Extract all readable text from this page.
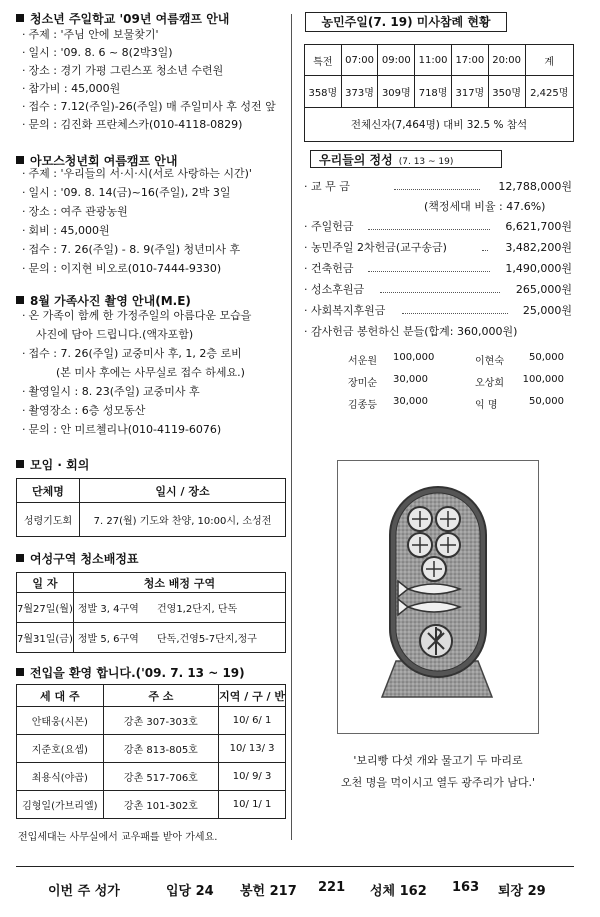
청소년 주일학교 '09년 여름캠프 안내
· 주제 : '주님 안에 보물찾기'
· 일시 : '09. 8. 6 ~ 8(2박3일)
· 장소 : 경기 가평 그린스포 청소년 수련원
· 참가비 : 45,000원
· 접수 : 7.12(주일)-26(주일) 매 주일미사 후 성전 앞
· 문의 : 김진화 프란체스카(010-4118-0829)
아모스청년회 여름캠프 안내
· 주제 : '우리들의 서·시·시(서로 사랑하는 시간)'
· 일시 : '09. 8. 14(금)~16(주일), 2박 3일
· 장소 : 여주 관광농원
· 회비 : 45,000원
· 접수 : 7. 26(주일) - 8. 9(주일) 청년미사 후
· 문의 : 이지현 비오로(010-7444-9330)
8월 가족사진 촬영 안내(M.E)
· 온 가족이 함께 한 가정주일의 아름다운 모습을
사진에 담아 드립니다.(액자포함)
· 접수 : 7. 26(주일) 교중미사 후, 1, 2층 로비
(본 미사 후에는 사무실로 접수 하세요.)
· 촬영일시 : 8. 23(주일) 교중미사 후
· 촬영장소 : 6층 성모동산
· 문의 : 안 미르첼리나(010-4119-6076)
모임 · 회의
단체명	일시 / 장소
성령기도회	7. 27(월) 기도와 찬양, 10:00시, 소성전
여성구역 청소배정표
일 자	청소 배정 구역	
7월27일(월)	정발 3, 4구역	건영1,2단지, 단독
7월31일(금)	정발 5, 6구역	단독,건영5-7단지,정구
전입을 환영 합니다.('09. 7. 13 ~ 19)
세 대 주	주 소	지역 / 구 / 반
안태웅(시몬)	강촌 307-303호	10/ 6/ 1
지준호(요셉)	강촌 813-805호	10/ 13/ 3
최용식(야곱)	강촌 517-706호	10/ 9/ 3
김형일(가브리엘)	강촌 101-302호	10/ 1/ 1
전입세대는 사무실에서 교우패를 받아 가세요.
농민주일(7. 19) 미사참례 현황
특전	07:00	09:00	11:00	17:00	20:00	계
358명	373명	309명	718명	317명	350명	2,425명
전체신자(7,464명) 대비 32.5 % 참석						
우리들의 정성 (7. 13 ~ 19)
· 교 무 금	12,788,000원
(책정세대 비율 : 47.6%)
· 주일헌금	6,621,700원
· 농민주일 2차헌금(교구송금)	3,482,200원
· 건축헌금	1,490,000원
· 성소후원금	265,000원
· 사회복지후원금	25,000원
· 감사헌금 봉헌하신 분들(합계: 360,000원)
서운원 100,000	이현숙	50,000
장미순 30,000	오상희	100,000
김종등 30,000	익 명	50,000
'보리빵 다섯 개와 물고기 두 마리로
오천 명을 먹이시고 열두 광주리가 남다.'
이번 주 성가	입당 24 봉헌 217 221 성체 162 163 퇴장 29
